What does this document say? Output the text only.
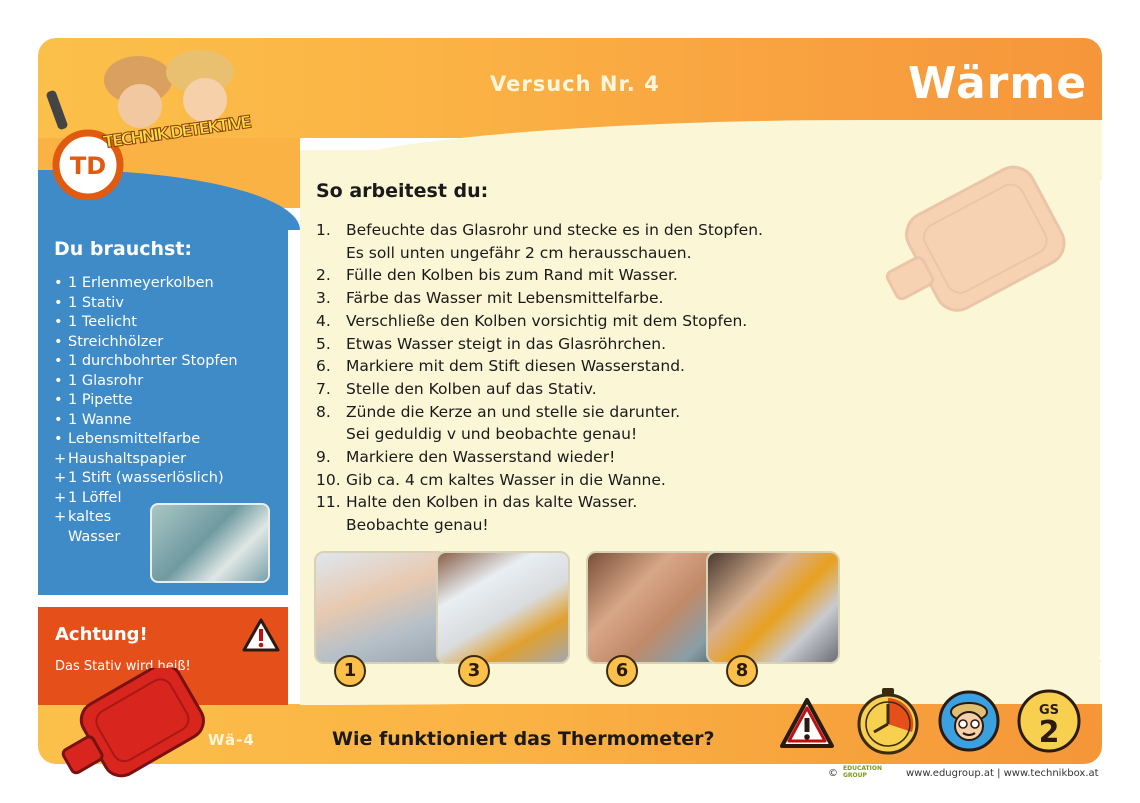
TD
TECHNIK DETEKTIVE
Versuch Nr. 4	Wärme
Du brauchst:
• 1 Erlenmeyerkolben
• 1 Stativ
• 1 Teelicht
• Streichhölzer
• 1 durchbohrter Stopfen
• 1 Glasrohr
• 1 Pipette
• 1 Wanne
• Lebensmittelfarbe
+ Haushaltspapier
+ 1 Stift (wasserlöslich)
+ 1 Löffel
+ kaltes
Wasser
Achtung!
Das Stativ wird heiß!
So arbeitest du:
1. Befeuchte das Glasrohr und stecke es in den Stopfen.
Es soll unten ungefähr 2 cm herausschauen.
2. Fülle den Kolben bis zum Rand mit Wasser.
3. Färbe das Wasser mit Lebensmittelfarbe.
4. Verschließe den Kolben vorsichtig mit dem Stopfen.
5. Etwas Wasser steigt in das Glasröhrchen.
6. Markiere mit dem Stift diesen Wasserstand.
7. Stelle den Kolben auf das Stativ.
8. Zünde die Kerze an und stelle sie darunter.
Sei geduldig v und beobachte genau!
9. Markiere den Wasserstand wieder!
10. Gib ca. 4 cm kaltes Wasser in die Wanne.
11. Halte den Kolben in das kalte Wasser.
Beobachte genau!
1	3	6	8
Wä-4	Wie funktioniert das Thermometer?
GS
2
© EDUCATION GROUP	www.edugroup.at | www.technikbox.at
